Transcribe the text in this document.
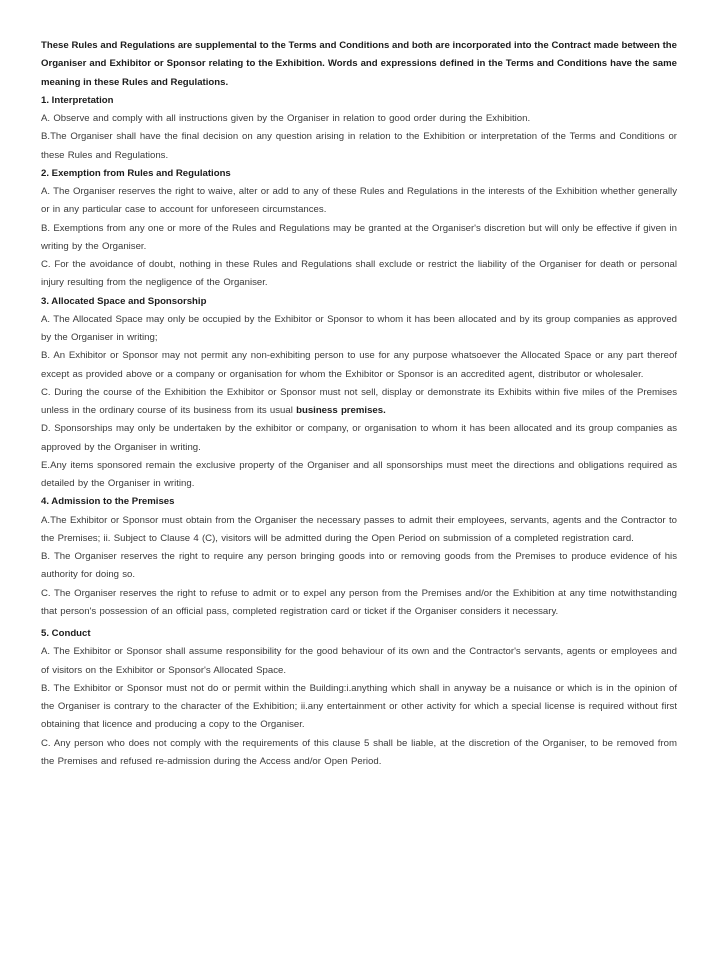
These Rules and Regulations are supplemental to the Terms and Conditions and both are incorporated into the Contract made between the Organiser and Exhibitor or Sponsor relating to the Exhibition. Words and expressions defined in the Terms and Conditions have the same meaning in these Rules and Regulations.

1. Interpretation

A. Observe and comply with all instructions given by the Organiser in relation to good order during the Exhibition.

B.The Organiser shall have the final decision on any question arising in relation to the Exhibition or interpretation of the Terms and Conditions or these Rules and Regulations.

2. Exemption from Rules and Regulations

A. The Organiser reserves the right to waive, alter or add to any of these Rules and Regulations in the interests of the Exhibition whether generally or in any particular case to account for unforeseen circumstances.

B. Exemptions from any one or more of the Rules and Regulations may be granted at the Organiser's discretion but will only be effective if given in writing by the Organiser.

C. For the avoidance of doubt, nothing in these Rules and Regulations shall exclude or restrict the liability of the Organiser for death or personal injury resulting from the negligence of the Organiser.

3. Allocated Space and Sponsorship

A. The Allocated Space may only be occupied by the Exhibitor or Sponsor to whom it has been allocated and by its group companies as approved by the Organiser in writing;

B. An Exhibitor or Sponsor may not permit any non-exhibiting person to use for any purpose whatsoever the Allocated Space or any part thereof except as provided above or a company or organisation for whom the Exhibitor or Sponsor is an accredited agent, distributor or wholesaler.

C. During the course of the Exhibition the Exhibitor or Sponsor must not sell, display or demonstrate its Exhibits within five miles of the Premises unless in the ordinary course of its business from its usual business premises.

D. Sponsorships may only be undertaken by the exhibitor or company, or organisation to whom it has been allocated and its group companies as approved by the Organiser in writing.

E.Any items sponsored remain the exclusive property of the Organiser and all sponsorships must meet the directions and obligations required as detailed by the Organiser in writing.

4. Admission to the Premises

A.The Exhibitor or Sponsor must obtain from the Organiser the necessary passes to admit their employees, servants, agents and the Contractor to the Premises; ii. Subject to Clause 4 (C), visitors will be admitted during the Open Period on submission of a completed registration card.

B. The Organiser reserves the right to require any person bringing goods into or removing goods from the Premises to produce evidence of his authority for doing so.

C. The Organiser reserves the right to refuse to admit or to expel any person from the Premises and/or the Exhibition at any time notwithstanding that person's possession of an official pass, completed registration card or ticket if the Organiser considers it necessary.

5. Conduct

A. The Exhibitor or Sponsor shall assume responsibility for the good behaviour of its own and the Contractor's servants, agents or employees and of visitors on the Exhibitor or Sponsor's Allocated Space.

B. The Exhibitor or Sponsor must not do or permit within the Building:i.anything which shall in anyway be a nuisance or which is in the opinion of the Organiser is contrary to the character of the Exhibition; ii.any entertainment or other activity for which a special license is required without first obtaining that licence and producing a copy to the Organiser.

C. Any person who does not comply with the requirements of this clause 5 shall be liable, at the discretion of the Organiser, to be removed from the Premises and refused re-admission during the Access and/or Open Period.
